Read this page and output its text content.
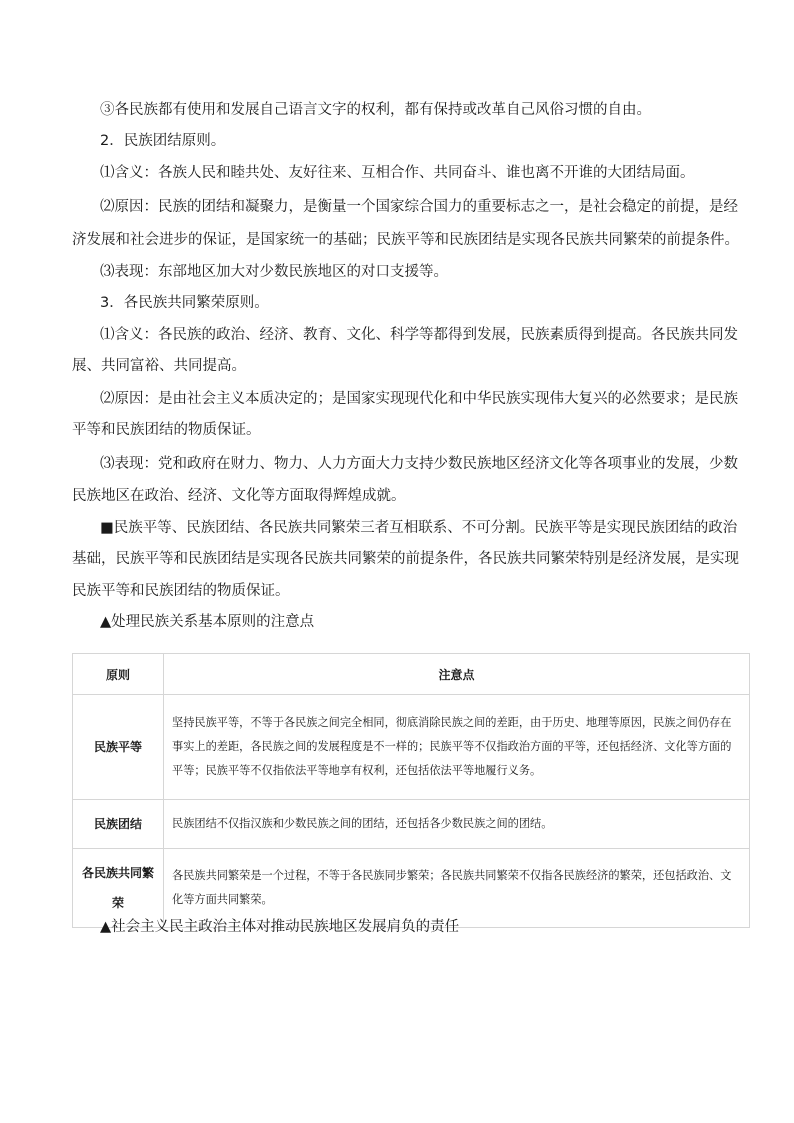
③各民族都有使用和发展自己语言文字的权利，都有保持或改革自己风俗习惯的自由。
2．民族团结原则。
⑴含义：各族人民和睦共处、友好往来、互相合作、共同奋斗、谁也离不开谁的大团结局面。
⑵原因：民族的团结和凝聚力，是衡量一个国家综合国力的重要标志之一，是社会稳定的前提，是经
济发展和社会进步的保证，是国家统一的基础；民族平等和民族团结是实现各民族共同繁荣的前提条件。
⑶表现：东部地区加大对少数民族地区的对口支援等。
3．各民族共同繁荣原则。
⑴含义：各民族的政治、经济、教育、文化、科学等都得到发展，民族素质得到提高。各民族共同发
展、共同富裕、共同提高。
⑵原因：是由社会主义本质决定的；是国家实现现代化和中华民族实现伟大复兴的必然要求；是民族
平等和民族团结的物质保证。
⑶表现：党和政府在财力、物力、人力方面大力支持少数民族地区经济文化等各项事业的发展，少数
民族地区在政治、经济、文化等方面取得辉煌成就。
■民族平等、民族团结、各民族共同繁荣三者互相联系、不可分割。民族平等是实现民族团结的政治
基础，民族平等和民族团结是实现各民族共同繁荣的前提条件，各民族共同繁荣特别是经济发展，是实现
民族平等和民族团结的物质保证。
▲处理民族关系基本原则的注意点
原则	注意点
民族平等	坚持民族平等，不等于各民族之间完全相同，彻底消除民族之间的差距，由于历史、地理等原因，民族之间仍存在事实上的差距，各民族之间的发展程度是不一样的；民族平等不仅指政治方面的平等，还包括经济、文化等方面的平等；民族平等不仅指依法平等地享有权利，还包括依法平等地履行义务。
民族团结	民族团结不仅指汉族和少数民族之间的团结，还包括各少数民族之间的团结。
各民族共同繁荣	各民族共同繁荣是一个过程，不等于各民族同步繁荣；各民族共同繁荣不仅指各民族经济的繁荣，还包括政治、文化等方面共同繁荣。
▲社会主义民主政治主体对推动民族地区发展肩负的责任
